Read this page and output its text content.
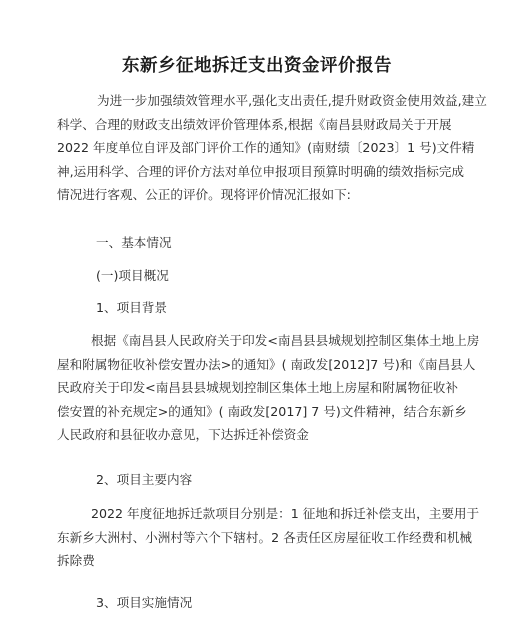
东新乡征地拆迁支出资金评价报告
为进一步加强绩效管理水平,强化支出责任,提升财政资金使用效益,建立
科学、合理的财政支出绩效评价管理体系,根据《南昌县财政局关于开展
2022 年度单位自评及部门评价工作的通知》(南财绩〔2023〕1 号)文件精
神,运用科学、合理的评价方法对单位申报项目预算时明确的绩效指标完成
情况进行客观、公正的评价。现将评价情况汇报如下:
一、基本情况
(一)项目概况
1、项目背景
根据《南昌县人民政府关于印发<南昌县县城规划控制区集体土地上房
屋和附属物征收补偿安置办法>的通知》( 南政发[2012]7 号)和《南昌县人
民政府关于印发<南昌县县城规划控制区集体土地上房屋和附属物征收补
偿安置的补充规定>的通知》( 南政发[2017] 7 号)文件精神，结合东新乡
人民政府和县征收办意见，下达拆迁补偿资金
2、项目主要内容
2022 年度征地拆迁款项目分别是：1 征地和拆迁补偿支出，主要用于
东新乡大洲村、小洲村等六个下辖村。2 各责任区房屋征收工作经费和机械
拆除费
3、项目实施情况
